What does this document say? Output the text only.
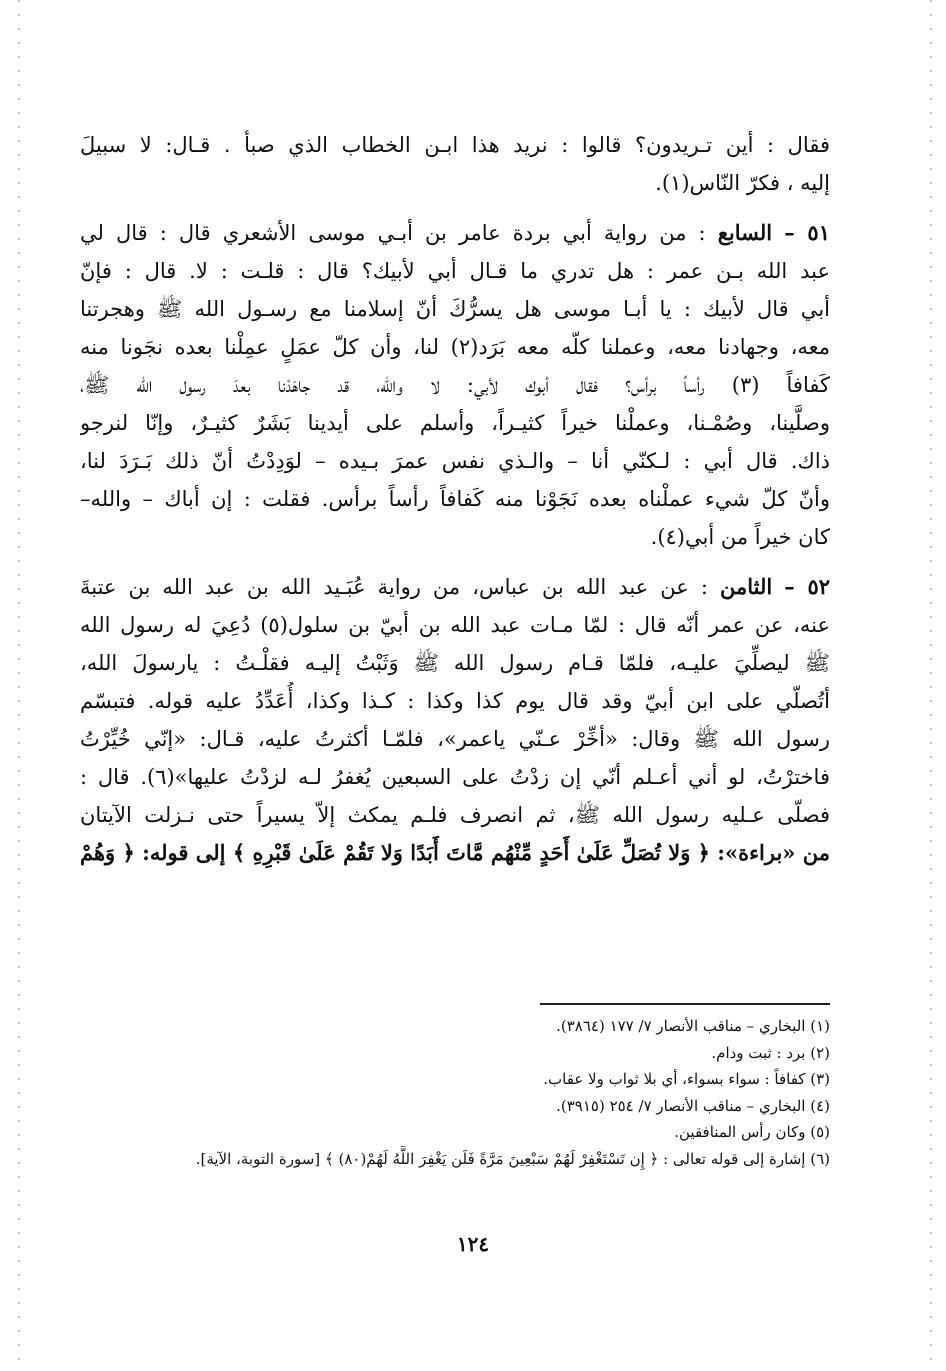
فقال : أين تـريدون؟ قالوا : نريد هذا ابـن الخطاب الذي صبأ . قـال: لا سبيلَ
إليه ، فكرّ النّاس(١).
٥١ – السابع : من رواية أبي بردة عامر بن أبـي موسى الأشعري قال : قال لي
عبد الله بـن عمر : هل تدري ما قـال أبي لأبيك؟ قال : قلـت : لا. قال : فإنّ
أبي قال لأبيك : يا أبـا موسى هل يسرُّكَ أنّ إسلامنا مع رسـول الله ﷺ وهجرتنا
معه، وجهادنا معه، وعملنا كلّه معه بَرَد(٢) لنا، وأن كلّ عمَلٍ عمِلْنا بعده نجَونا منه
كَفافاً (٣) رأساً برأس؟ فقال أبوك لأبي: لا والله، قد جاهَدْنا بعدَ رسول الله ﷺ،
وصلَّينا، وصُمْـنا، وعملْنا خيراً كثيـراً، وأسلم على أيدينا بَشَرٌ كثيـرٌ، وإنّا لنرجو
ذاك. قال أبي : لـكنّي أنا – والـذي نفس عمرَ بـيده – لوَدِدْتُ أنّ ذلك بَـرَدَ لنا،
وأنّ كلّ شيء عملْناه بعده نَجَوْنا منه كَفافاً رأساً برأس. فقلت : إن أباك – والله–
كان خيراً من أبي(٤).
٥٢ – الثامن : عن عبد الله بن عباس، من رواية عُبَـيد الله بن عبد الله بن عتبةَ
عنه، عن عمر أنّه قال : لمّا مـات عبد الله بن أبيّ بن سلول(٥) دُعِيَ له رسول الله
ﷺ ليصلِّيَ عليـه، فلمّا قـام رسول الله ﷺ وَثَبْتُ إليـه فقلْـتُ : يارسولَ الله،
أتُصلّي على ابن أبيّ وقد قال يوم كذا وكذا : كـذا وكذا، أُعَدِّدُ عليه قوله. فتبسّم
رسول الله ﷺ وقال: «أخِّرْ عـنّي ياعمر»، فلمّـا أكثرتُ عليه، قـال: «إنّي خُيِّرْتُ
فاخترْتُ، لو أني أعـلم أنّي إن زدْتُ على السبعين يُغفرُ لـه لزدْتُ عليها»(٦). قال :
فصلّى عـليه رسول الله ﷺ، ثم انصرف فلـم يمكث إلاّ يسيراً حتى نـزلت الآيتان
من «براءة»: ﴿ وَلا تُصَلِّ عَلَىٰ أَحَدٍ مِّنْهُم مَّاتَ أَبَدًا وَلا تَقُمْ عَلَىٰ قَبْرِهِ ﴾ إلى قوله: ﴿ وَهُمْ
(١) البخاري – مناقب الأنصار ٧/ ١٧٧ (٣٨٦٤).
(٢) برد : ثبت ودام.
(٣) كفافاً : سواء بسواء، أي بلا ثواب ولا عقاب.
(٤) البخاري – مناقب الأنصار ٧/ ٢٥٤ (٣٩١٥).
(٥) وكان رأس المنافقين.
(٦) إشارة إلى قوله تعالى : ﴿ إِن تَسْتَغْفِرْ لَهُمْ سَبْعِينَ مَرَّةً فَلَن يَغْفِرَ اللَّهُ لَهُمْ(٨٠) ﴾ [سورة التوبة، الآية].
١٢٤
